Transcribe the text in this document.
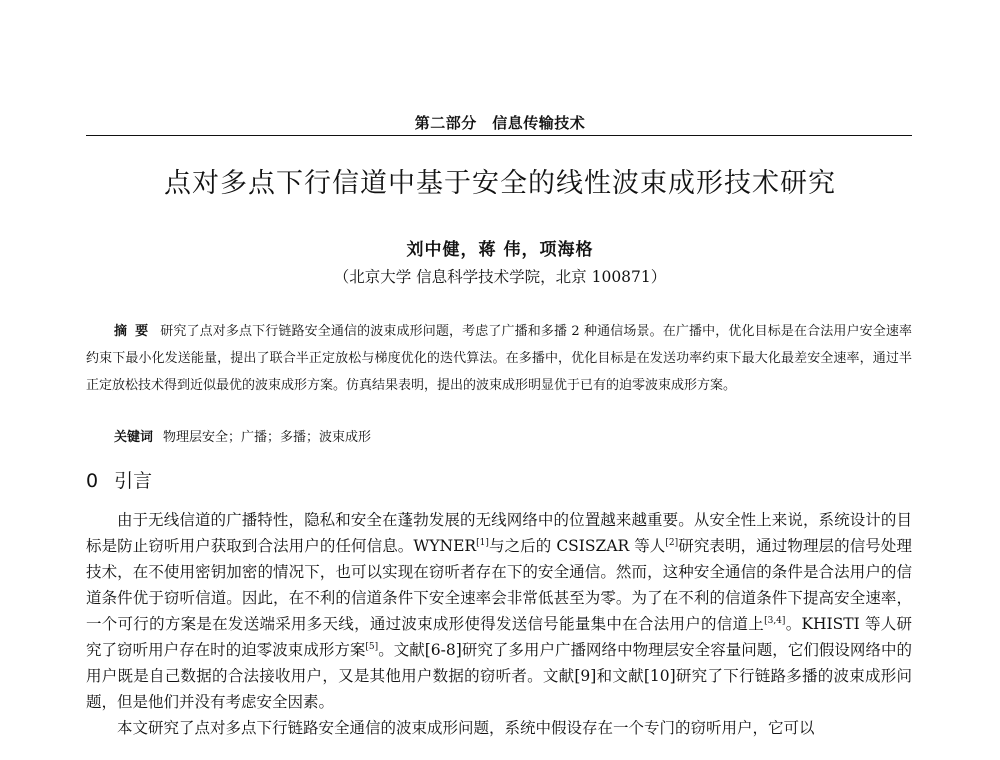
第二部分　信息传输技术
点对多点下行信道中基于安全的线性波束成形技术研究
刘中健，蒋 伟，项海格
（北京大学 信息科学技术学院，北京 100871）

摘要 研究了点对多点下行链路安全通信的波束成形问题，考虑了广播和多播 2 种通信场景。在广播中，优化目标是在合法用户安全速率约束下最小化发送能量，提出了联合半正定放松与梯度优化的迭代算法。在多播中，优化目标是在发送功率约束下最大化最差安全速率，通过半正定放松技术得到近似最优的波束成形方案。仿真结果表明，提出的波束成形明显优于已有的迫零波束成形方案。

关键词 物理层安全；广播；多播；波束成形
0 引言

由于无线信道的广播特性，隐私和安全在蓬勃发展的无线网络中的位置越来越重要。从安全性上来说，系统设计的目标是防止窃听用户获取到合法用户的任何信息。WYNER[1]与之后的 CSISZAR 等人[2]研究表明，通过物理层的信号处理技术，在不使用密钥加密的情况下，也可以实现在窃听者存在下的安全通信。然而，这种安全通信的条件是合法用户的信道条件优于窃听信道。因此，在不利的信道条件下安全速率会非常低甚至为零。为了在不利的信道条件下提高安全速率，一个可行的方案是在发送端采用多天线，通过波束成形使得发送信号能量集中在合法用户的信道上[3,4]。KHISTI 等人研究了窃听用户存在时的迫零波束成形方案[5]。文献[6-8]研究了多用户广播网络中物理层安全容量问题，它们假设网络中的用户既是自己数据的合法接收用户，又是其他用户数据的窃听者。文献[9]和文献[10]研究了下行链路多播的波束成形问题，但是他们并没有考虑安全因素。

本文研究了点对多点下行链路安全通信的波束成形问题，系统中假设存在一个专门的窃听用户，它可以
